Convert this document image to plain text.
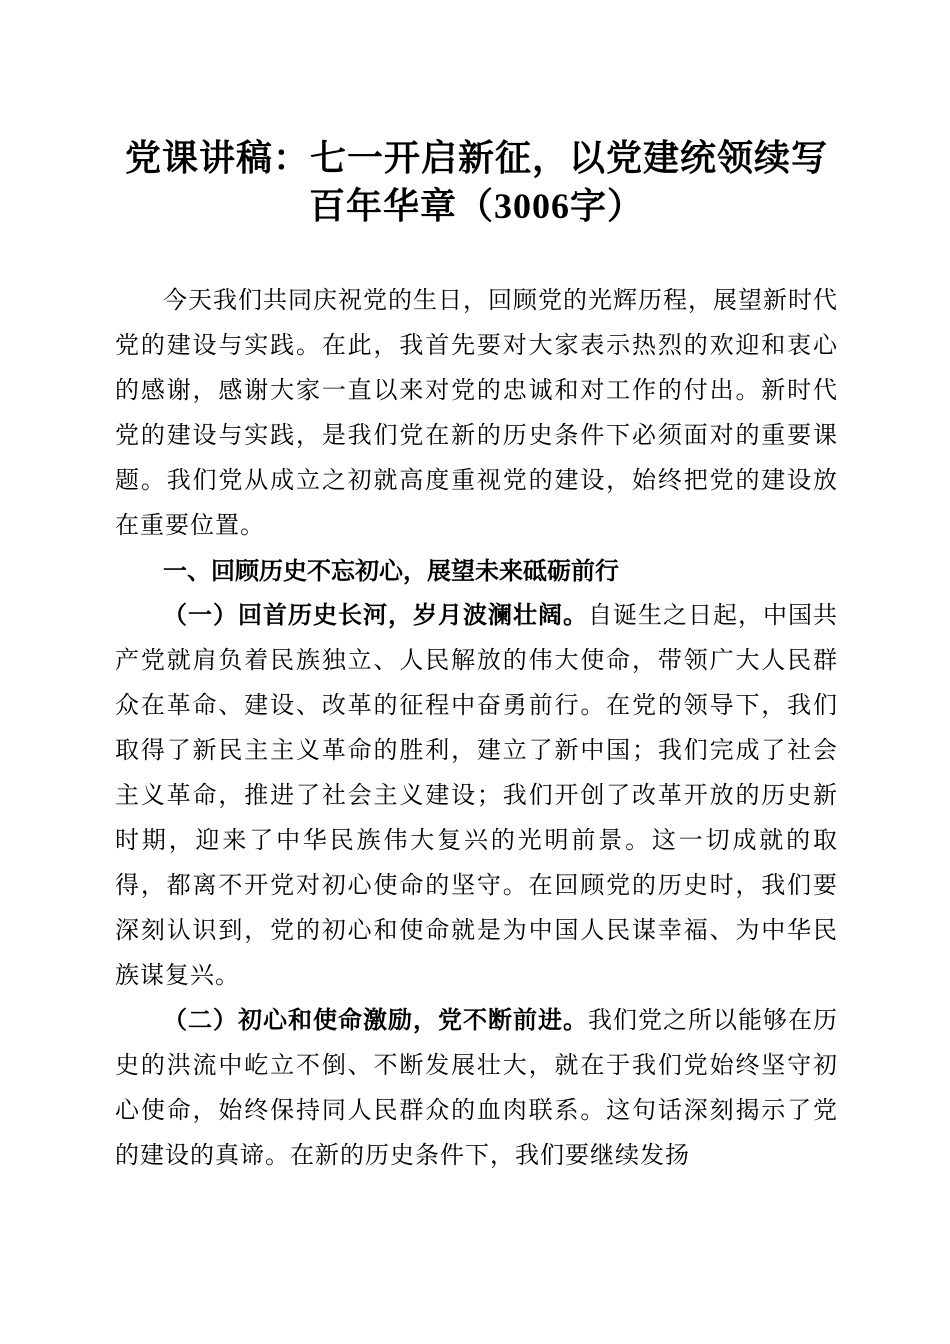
党课讲稿：七一开启新征，以党建统领续写百年华章（3006字）

今天我们共同庆祝党的生日，回顾党的光辉历程，展望新时代党的建设与实践。在此，我首先要对大家表示热烈的欢迎和衷心的感谢，感谢大家一直以来对党的忠诚和对工作的付出。新时代党的建设与实践，是我们党在新的历史条件下必须面对的重要课题。我们党从成立之初就高度重视党的建设，始终把党的建设放在重要位置。

一、回顾历史不忘初心，展望未来砥砺前行

（一）回首历史长河，岁月波澜壮阔。自诞生之日起，中国共产党就肩负着民族独立、人民解放的伟大使命，带领广大人民群众在革命、建设、改革的征程中奋勇前行。在党的领导下，我们取得了新民主主义革命的胜利，建立了新中国；我们完成了社会主义革命，推进了社会主义建设；我们开创了改革开放的历史新时期，迎来了中华民族伟大复兴的光明前景。这一切成就的取得，都离不开党对初心使命的坚守。在回顾党的历史时，我们要深刻认识到，党的初心和使命就是为中国人民谋幸福、为中华民族谋复兴。

（二）初心和使命激励，党不断前进。我们党之所以能够在历史的洪流中屹立不倒、不断发展壮大，就在于我们党始终坚守初心使命，始终保持同人民群众的血肉联系。这句话深刻揭示了党的建设的真谛。在新的历史条件下，我们要继续发扬
